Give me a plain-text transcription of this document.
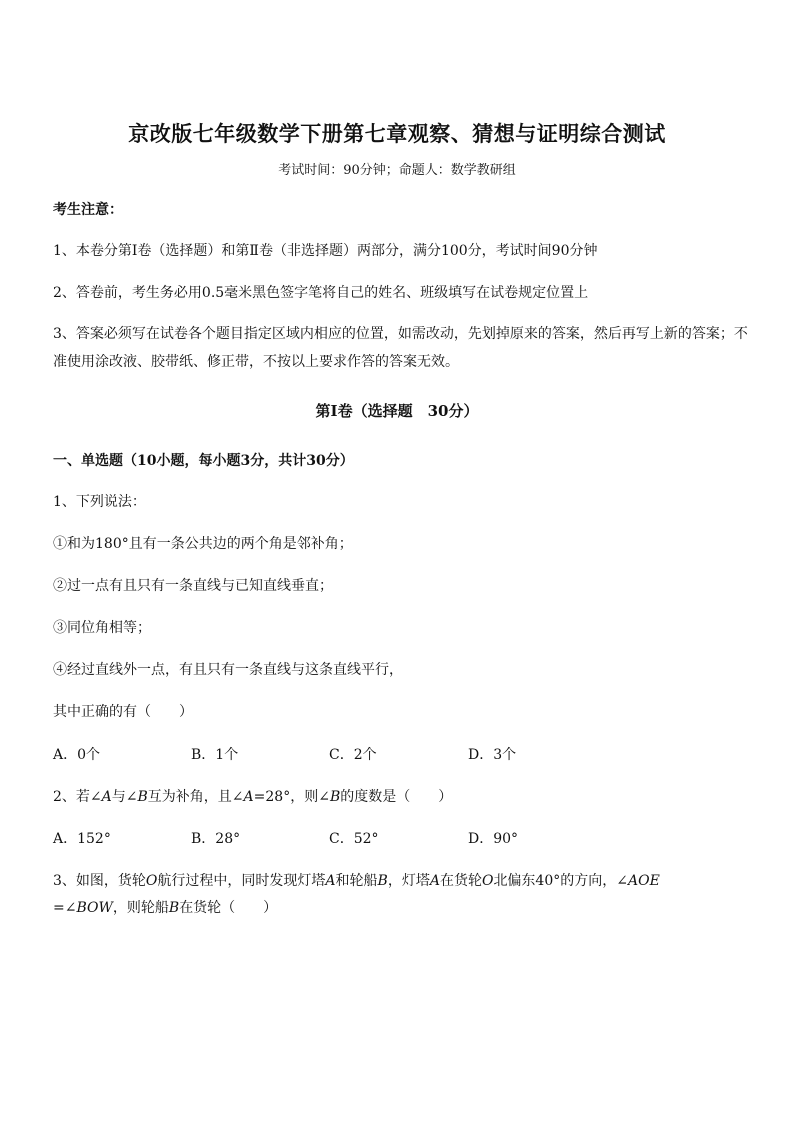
京改版七年级数学下册第七章观察、猜想与证明综合测试
考试时间：90分钟；命题人：数学教研组
考生注意：
1、本卷分第Ⅰ卷（选择题）和第Ⅱ卷（非选择题）两部分，满分100分，考试时间90分钟
2、答卷前，考生务必用0.5毫米黑色签字笔将自己的姓名、班级填写在试卷规定位置上
3、答案必须写在试卷各个题目指定区域内相应的位置，如需改动，先划掉原来的答案，然后再写上新的答案；不准使用涂改液、胶带纸、修正带，不按以上要求作答的答案无效。
第Ⅰ卷（选择题　30分）
一、单选题（10小题，每小题3分，共计30分）
1、下列说法：
①和为180°且有一条公共边的两个角是邻补角；
②过一点有且只有一条直线与已知直线垂直；
③同位角相等；
④经过直线外一点，有且只有一条直线与这条直线平行，
其中正确的有（　　）
A．0个	B．1个	C．2个	D．3个
2、若∠A与∠B互为补角，且∠A=28°，则∠B的度数是（　　）
A．152°	B．28°	C．52°	D．90°
3、如图，货轮O航行过程中，同时发现灯塔A和轮船B，灯塔A在货轮O北偏东40°的方向，∠AOE
=∠BOW，则轮船B在货轮（　　）
